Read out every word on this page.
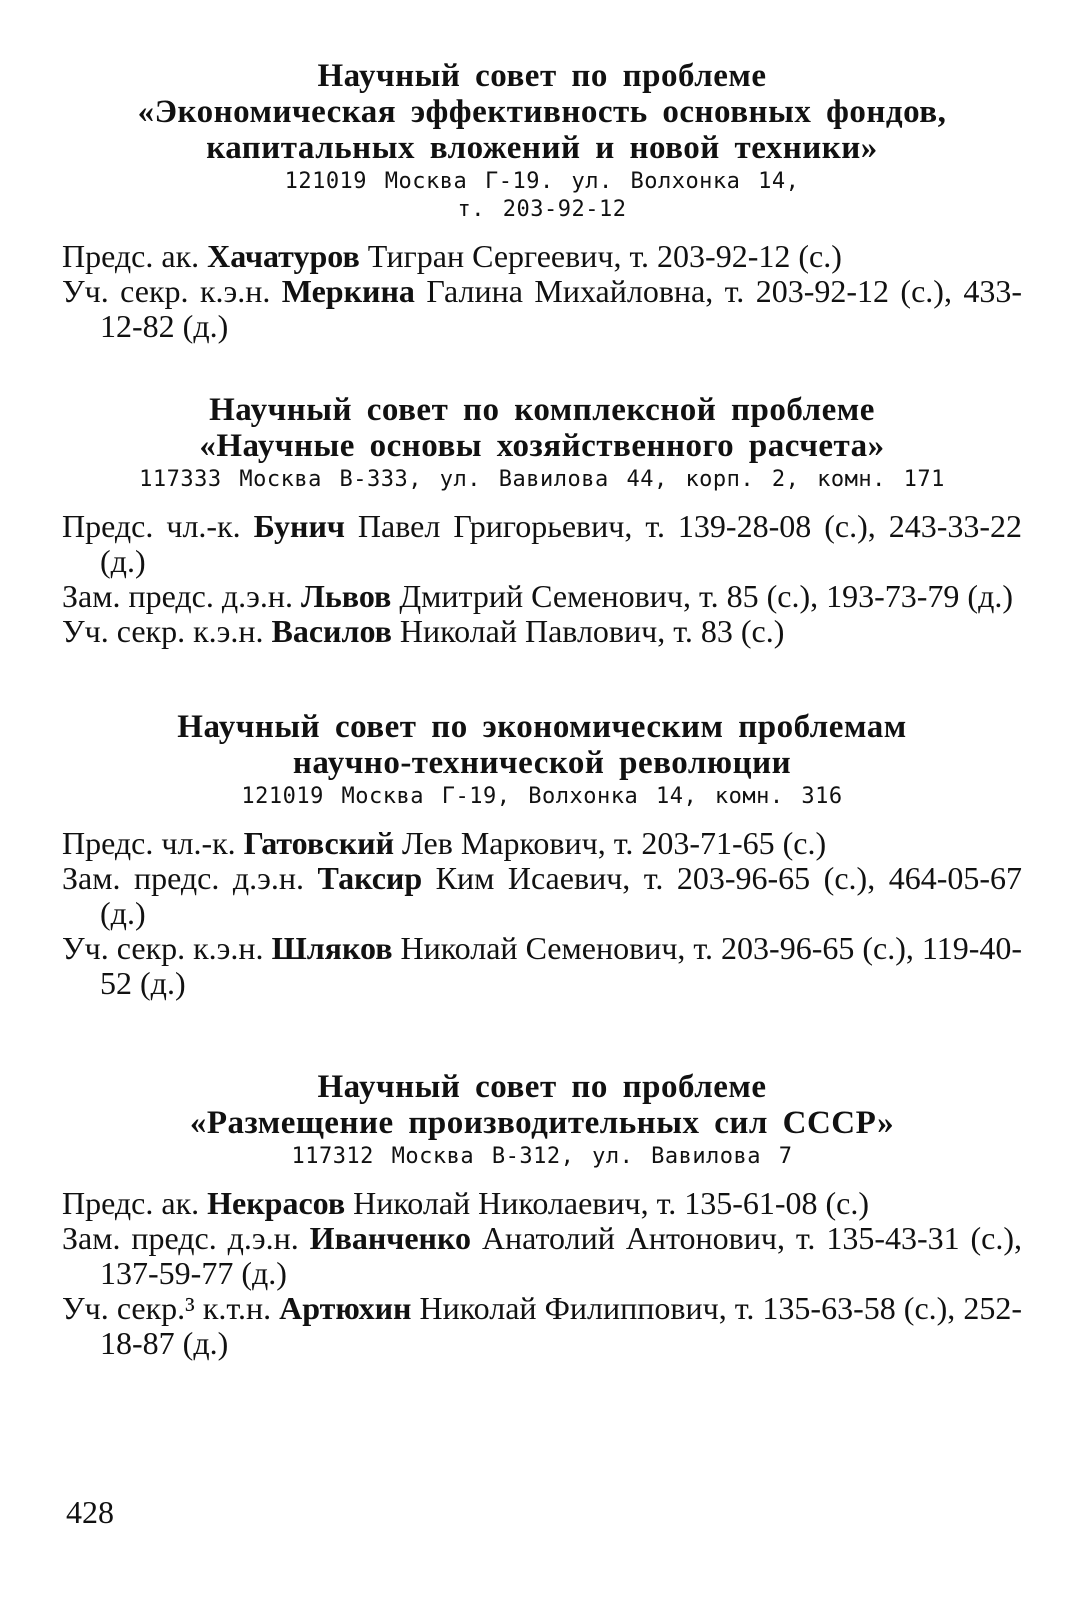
Научный совет по проблеме
«Экономическая эффективность основных фондов,
капитальных вложений и новой техники»
121019 Москва Г-19. ул. Волхонка 14,
т. 203-92-12
Предс. ак. Хачатуров Тигран Сергеевич, т. 203-92-12 (с.)
Уч. секр. к.э.н. Меркина Галина Михайловна, т. 203-92-12 (с.), 433-12-82 (д.)
Научный совет по комплексной проблеме
«Научные основы хозяйственного расчета»
117333 Москва В-333, ул. Вавилова 44, корп. 2, комн. 171
Предс. чл.-к. Бунич Павел Григорьевич, т. 139-28-08 (с.), 243-33-22 (д.)
Зам. предс. д.э.н. Львов Дмитрий Семенович, т. 85 (с.), 193-73-79 (д.)
Уч. секр. к.э.н. Василов Николай Павлович, т. 83 (с.)
Научный совет по экономическим проблемам
научно-технической революции
121019 Москва Г-19, Волхонка 14, комн. 316
Предс. чл.-к. Гатовский Лев Маркович, т. 203-71-65 (с.)
Зам. предс. д.э.н. Таксир Ким Исаевич, т. 203-96-65 (с.), 464-05-67 (д.)
Уч. секр. к.э.н. Шляков Николай Семенович, т. 203-96-65 (с.), 119-40-52 (д.)
Научный совет по проблеме
«Размещение производительных сил СССР»
117312 Москва В-312, ул. Вавилова 7
Предс. ак. Некрасов Николай Николаевич, т. 135-61-08 (с.)
Зам. предс. д.э.н. Иванченко Анатолий Антонович, т. 135-43-31 (с.), 137-59-77 (д.)
Уч. секр.³ к.т.н. Артюхин Николай Филиппович, т. 135-63-58 (с.), 252-18-87 (д.)
428
